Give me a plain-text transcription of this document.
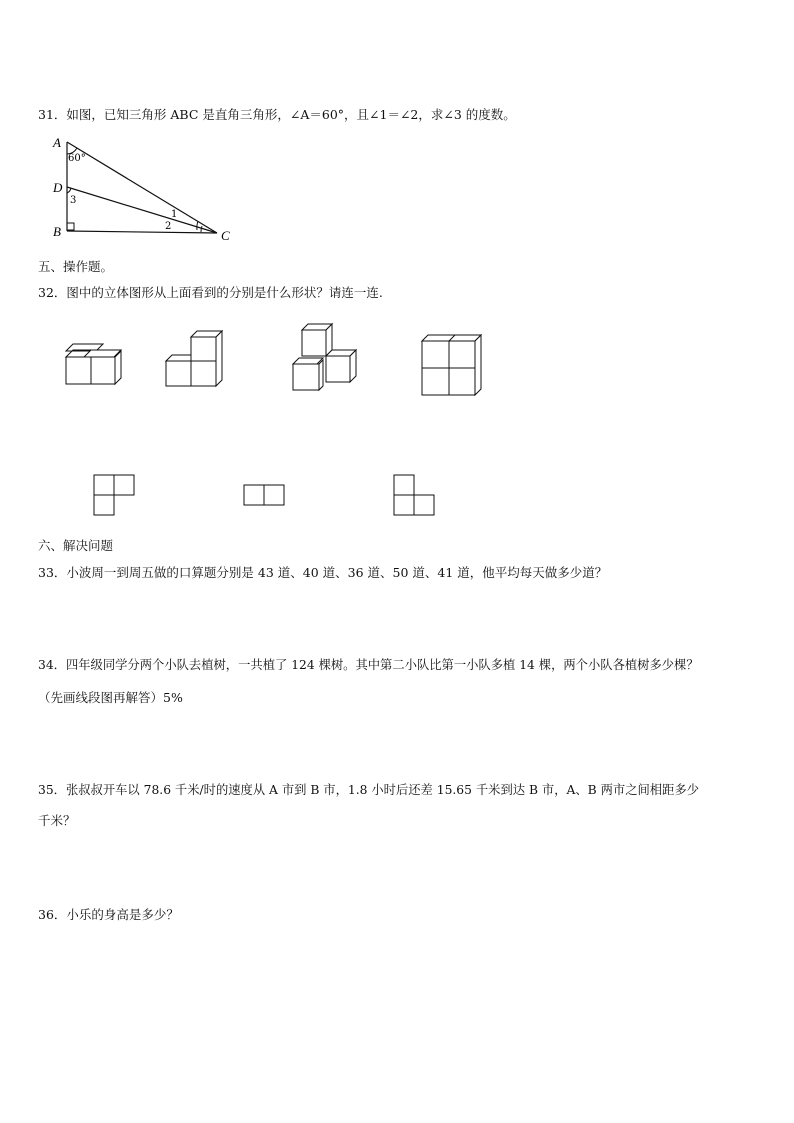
31．如图，已知三角形 ABC 是直角三角形，∠A＝60°，且∠1＝∠2，求∠3 的度数。
A
D
B	C
60°
3
1
2
五、操作题。
32．图中的立体图形从上面看到的分别是什么形状？请连一连.
六、解决问题
33．小波周一到周五做的口算题分别是 43 道、40 道、36 道、50 道、41 道，他平均每天做多少道？
34．四年级同学分两个小队去植树，一共植了 124 棵树。其中第二小队比第一小队多植 14 棵，两个小队各植树多少棵？
（先画线段图再解答）5%
35．张叔叔开车以 78.6 千米/时的速度从 A 市到 B 市，1.8 小时后还差 15.65 千米到达 B 市，A、B 两市之间相距多少
千米？
36．小乐的身高是多少？
